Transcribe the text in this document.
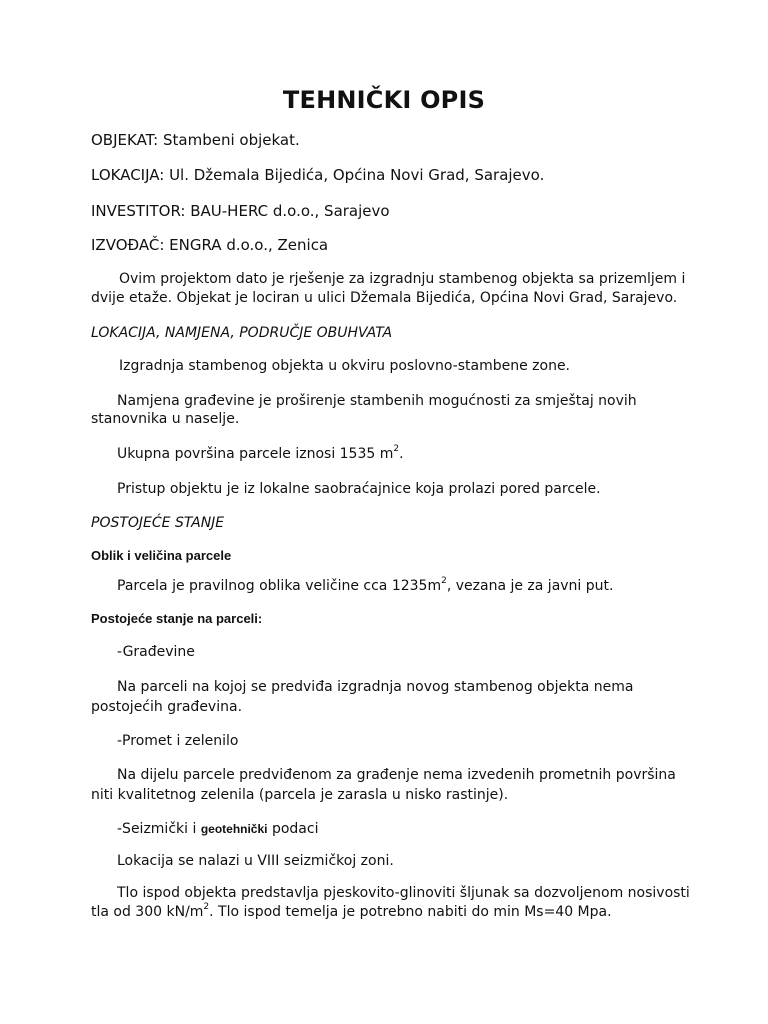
TEHNIČKI OPIS
OBJEKAT: Stambeni objekat.
LOKACIJA: Ul. Džemala Bijedića, Općina Novi Grad, Sarajevo.
INVESTITOR: BAU-HERC d.o.o., Sarajevo
IZVOĐAČ: ENGRA d.o.o., Zenica
Ovim projektom dato je rješenje za izgradnju stambenog objekta sa prizemljem i
dvije etaže. Objekat je lociran u ulici Džemala Bijedića, Općina Novi Grad, Sarajevo.
LOKACIJA, NAMJENA, PODRUČJE OBUHVATA
Izgradnja stambenog objekta u okviru poslovno-stambene zone.
Namjena građevine je proširenje stambenih mogućnosti za smještaj novih
stanovnika u naselje.
Ukupna površina parcele iznosi 1535 $m^2$.
Pristup objektu je iz lokalne saobraćajnice koja prolazi pored parcele.
POSTOJEĆE STANJE
Oblik i veličina parcele
Parcela je pravilnog oblika veličine cca $1235m^2$, vezana je za javni put.
Postojeće stanje na parceli:
-Građevine
Na parceli na kojoj se predviđa izgradnja novog stambenog objekta nema
postojećih građevina.
-Promet i zelenilo
Na dijelu parcele predviđenom za građenje nema izvedenih prometnih površina
niti kvalitetnog zelenila (parcela je zarasla u nisko rastinje).
-Seizmički i geotehnički podaci
Lokacija se nalazi u VIII seizmičkoj zoni.
Tlo ispod objekta predstavlja pjeskovito-glinoviti šljunak sa dozvoljenom nosivosti
tla od 300 $kN/m^2$. Tlo ispod temelja je potrebno nabiti do min Ms=40 Mpa.
